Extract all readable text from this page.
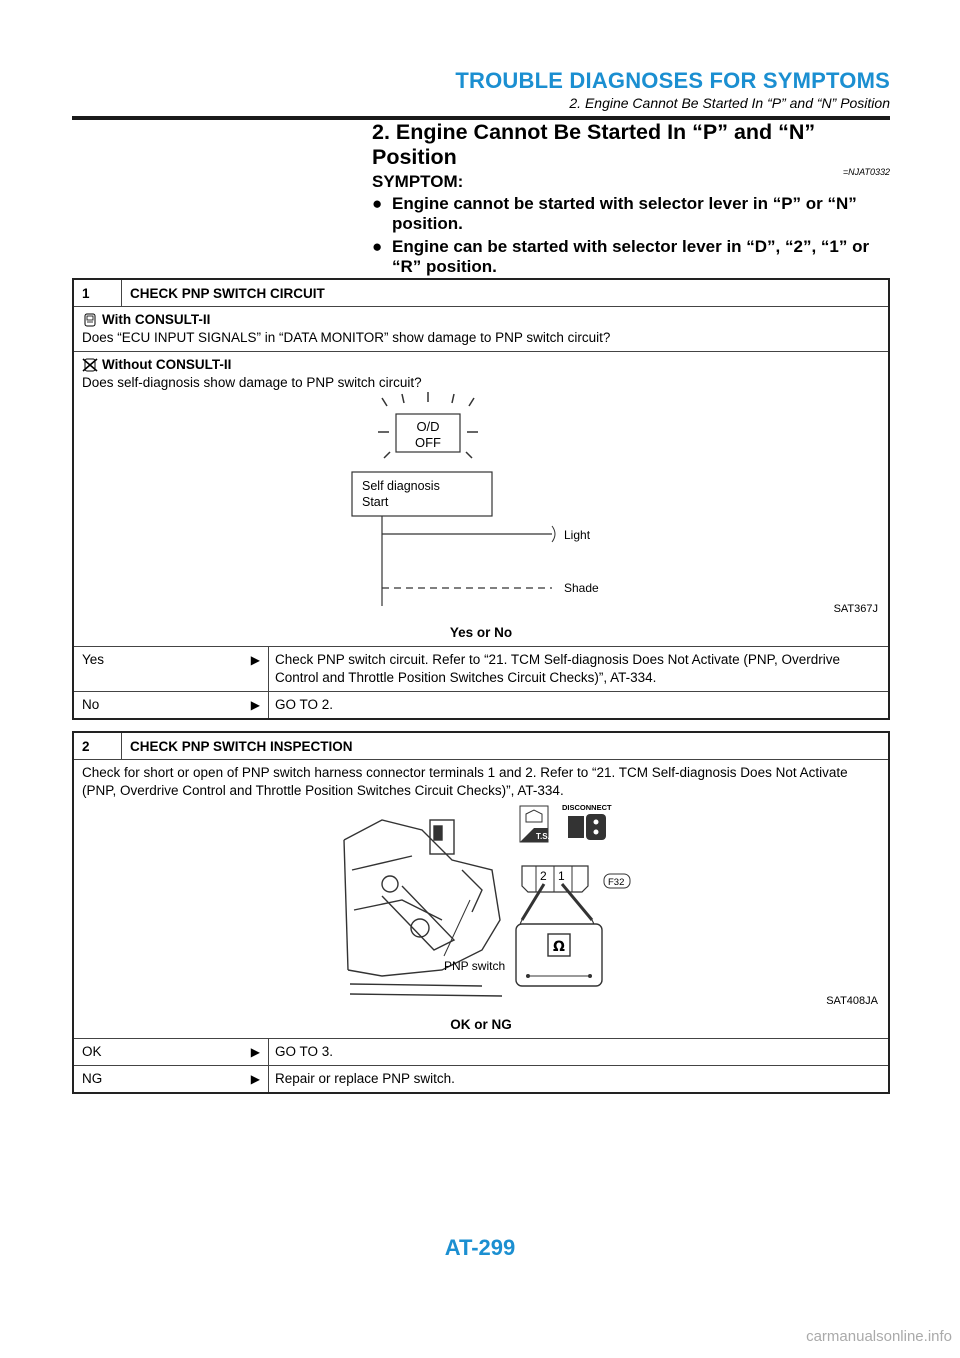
TROUBLE DIAGNOSES FOR SYMPTOMS
2. Engine Cannot Be Started In “P” and “N” Position
2. Engine Cannot Be Started In “P” and “N” Position
=NJAT0332
SYMPTOM:
● Engine cannot be started with selector lever in “P” or “N” position.
● Engine can be started with selector lever in “D”, “2”, “1” or “R” position.
1	CHECK PNP SWITCH CIRCUIT
With CONSULT-II
Does “ECU INPUT SIGNALS” in “DATA MONITOR” show damage to PNP switch circuit?
Without CONSULT-II
Does self-diagnosis show damage to PNP switch circuit?
O/D
OFF
Self diagnosis
Start
Light
Shade
SAT367J
Yes or No
Yes	▶	Check PNP switch circuit. Refer to “21. TCM Self-diagnosis Does Not Activate (PNP, Overdrive Control and Throttle Position Switches Circuit Checks)”, AT-334.
No	▶	GO TO 2.
2	CHECK PNP SWITCH INSPECTION
Check for short or open of PNP switch harness connector terminals 1 and 2. Refer to “21. TCM Self-diagnosis Does Not Activate (PNP, Overdrive Control and Throttle Position Switches Circuit Checks)”, AT-334.
PNP switch
T.S.
DISCONNECT
2 1	F32
Ω
SAT408JA
OK or NG
OK	▶	GO TO 3.
NG	▶	Repair or replace PNP switch.
AT-299
carmanualsonline.info
